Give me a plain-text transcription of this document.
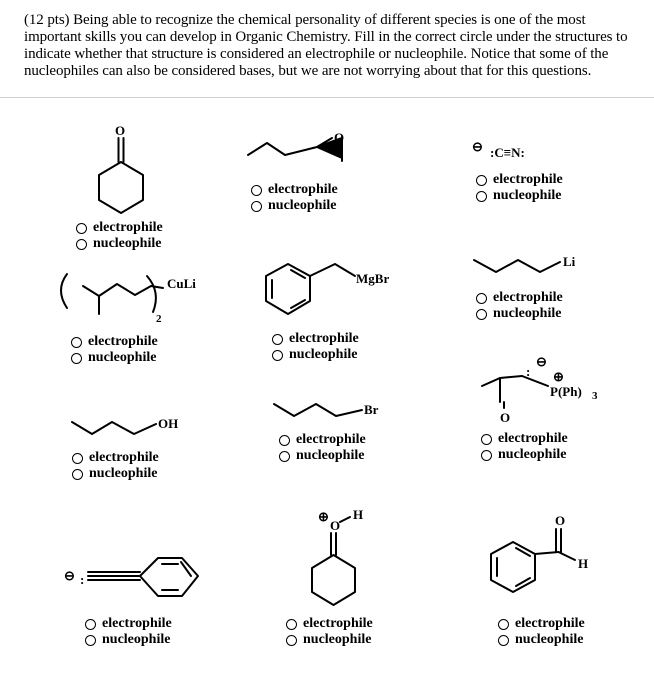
(12 pts) Being able to recognize the chemical personality of different species is one of the most important skills you can develop in Organic Chemistry. Fill in the correct circle under the structures to indicate whether that structure is considered an electrophile or nucleophile. Notice that some of the nucleophiles can also be considered bases, but we are not worrying about that for this questions.
O
electrophile
nucleophile
O
electrophile
nucleophile
⊖ :C≡N:
electrophile
nucleophile
CuLi
2
electrophile
nucleophile
MgBr
electrophile
nucleophile
Li
electrophile
nucleophile
OH
electrophile
nucleophile
Br
electrophile
nucleophile
⊖
: ⊕
P(Ph) 3
O
electrophile
nucleophile
⊖ :
electrophile
nucleophile
⊕
O
H
electrophile
nucleophile
O
H
electrophile
nucleophile
